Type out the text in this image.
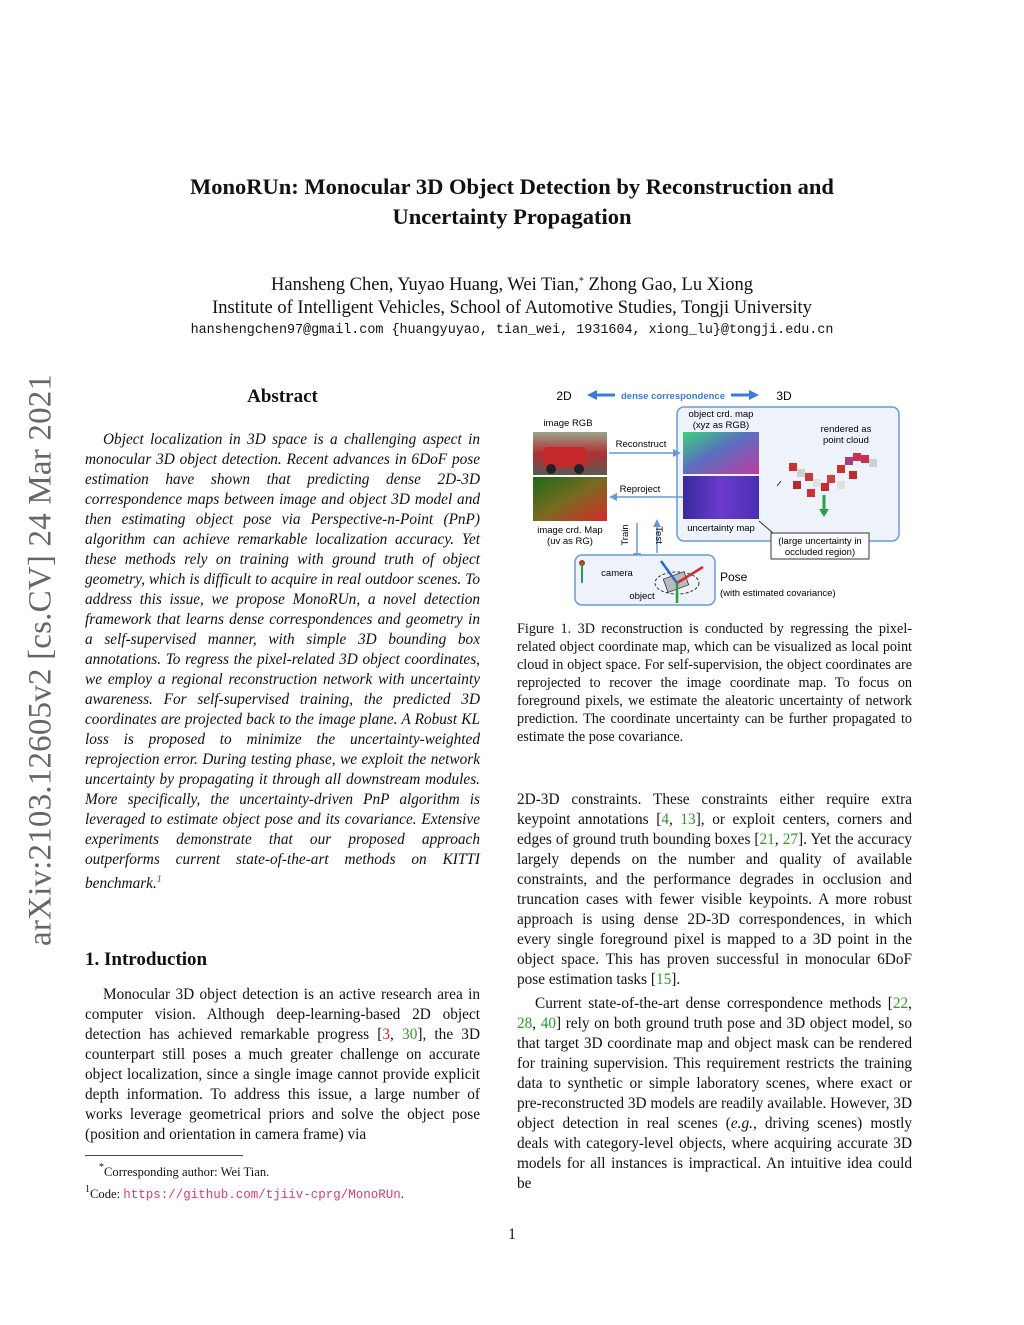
arXiv:2103.12605v2 [cs.CV] 24 Mar 2021
MonoRUn: Monocular 3D Object Detection by Reconstruction and
Uncertainty Propagation
Hansheng Chen, Yuyao Huang, Wei Tian,* Zhong Gao, Lu Xiong
Institute of Intelligent Vehicles, School of Automotive Studies, Tongji University
hanshengchen97@gmail.com {huangyuyao, tian_wei, 1931604, xiong_lu}@tongji.edu.cn
Abstract

Object localization in 3D space is a challenging aspect in monocular 3D object detection. Recent advances in 6DoF pose estimation have shown that predicting dense 2D-3D correspondence maps between image and object 3D model and then estimating object pose via Perspective-n-Point (PnP) algorithm can achieve remarkable localization accuracy. Yet these methods rely on training with ground truth of object geometry, which is difficult to acquire in real outdoor scenes. To address this issue, we propose MonoRUn, a novel detection framework that learns dense correspondences and geometry in a self-supervised manner, with simple 3D bounding box annotations. To regress the pixel-related 3D object coordinates, we employ a regional reconstruction network with uncertainty awareness. For self-supervised training, the predicted 3D coordinates are projected back to the image plane. A Robust KL loss is proposed to minimize the uncertainty-weighted reprojection error. During testing phase, we exploit the network uncertainty by propagating it through all downstream modules. More specifically, the uncertainty-driven PnP algorithm is leveraged to estimate object pose and its covariance. Extensive experiments demonstrate that our proposed approach outperforms current state-of-the-art methods on KITTI benchmark.$^1$

1. Introduction

Monocular 3D object detection is an active research area in computer vision. Although deep-learning-based 2D object detection has achieved remarkable progress [3, 30], the 3D counterpart still poses a much greater challenge on accurate object localization, since a single image cannot provide explicit depth information. To address this issue, a large number of works leverage geometrical priors and solve the object pose (position and orientation in camera frame) via

*Corresponding author: Wei Tian.
$^1$Code: https://github.com/tjiiv-cprg/MonoRUn.
2D	3D
dense correspondence
image RGB
image crd. Map
(uv as RG)
Reconstruct
Reproject
object crd. map
(xyz as RGB)
uncertainty map
rendered as
point cloud
(large uncertainty in
occluded region)
Train Test
camera
object
Pose
(with estimated covariance)
Figure 1. 3D reconstruction is conducted by regressing the pixel-related object coordinate map, which can be visualized as local point cloud in object space. For self-supervision, the object coordinates are reprojected to recover the image coordinate map. To focus on foreground pixels, we estimate the aleatoric uncertainty of network prediction. The coordinate uncertainty can be further propagated to estimate the pose covariance.

2D-3D constraints. These constraints either require extra keypoint annotations [4, 13], or exploit centers, corners and edges of ground truth bounding boxes [21, 27]. Yet the accuracy largely depends on the number and quality of available constraints, and the performance degrades in occlusion and truncation cases with fewer visible keypoints. A more robust approach is using dense 2D-3D correspondences, in which every single foreground pixel is mapped to a 3D point in the object space. This has proven successful in monocular 6DoF pose estimation tasks [15].

Current state-of-the-art dense correspondence methods [22, 28, 40] rely on both ground truth pose and 3D object model, so that target 3D coordinate map and object mask can be rendered for training supervision. This requirement restricts the training data to synthetic or simple laboratory scenes, where exact or pre-reconstructed 3D models are readily available. However, 3D object detection in real scenes (e.g., driving scenes) mostly deals with category-level objects, where acquiring accurate 3D models for all instances is impractical. An intuitive idea could be

1
